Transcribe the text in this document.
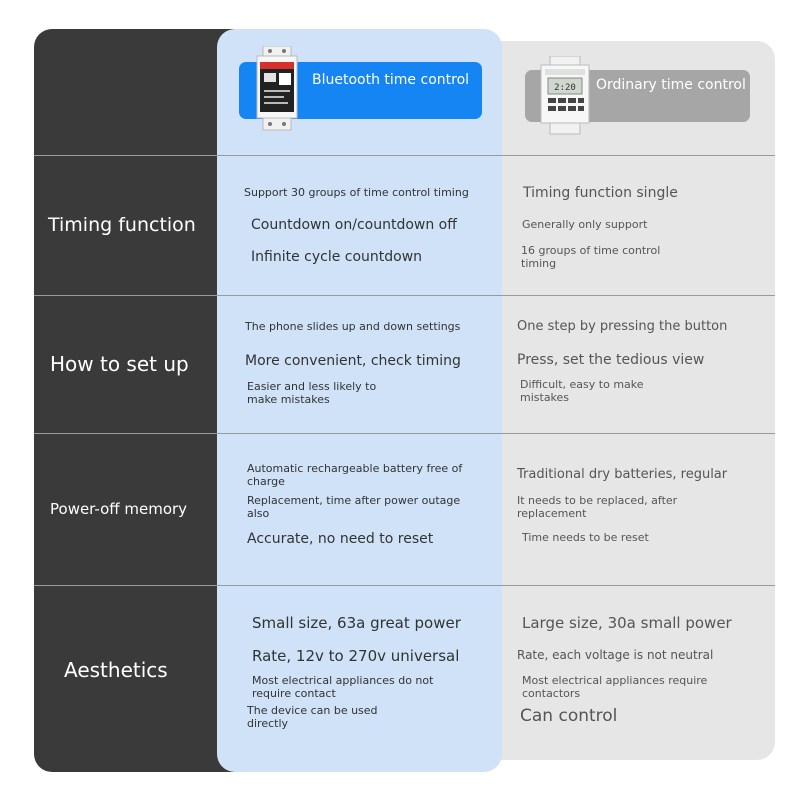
Bluetooth time control	Ordinary time control
2:20
Timing function
Support 30 groups of time control timing
Countdown on/countdown off
Infinite cycle countdown
Timing function single
Generally only support
16 groups of time control timing
How to set up
The phone slides up and down settings
More convenient, check timing
Easier and less likely to make mistakes
One step by pressing the button
Press, set the tedious view
Difficult, easy to make mistakes
Power-off memory
Automatic rechargeable battery free of charge
Replacement, time after power outage also
Accurate, no need to reset
Traditional dry batteries, regular
It needs to be replaced, after replacement
Time needs to be reset
Aesthetics
Small size, 63a great power
Rate, 12v to 270v universal
Most electrical appliances do not require contact
The device can be used directly
Large size, 30a small power
Rate, each voltage is not neutral
Most electrical appliances require contactors
Can control
